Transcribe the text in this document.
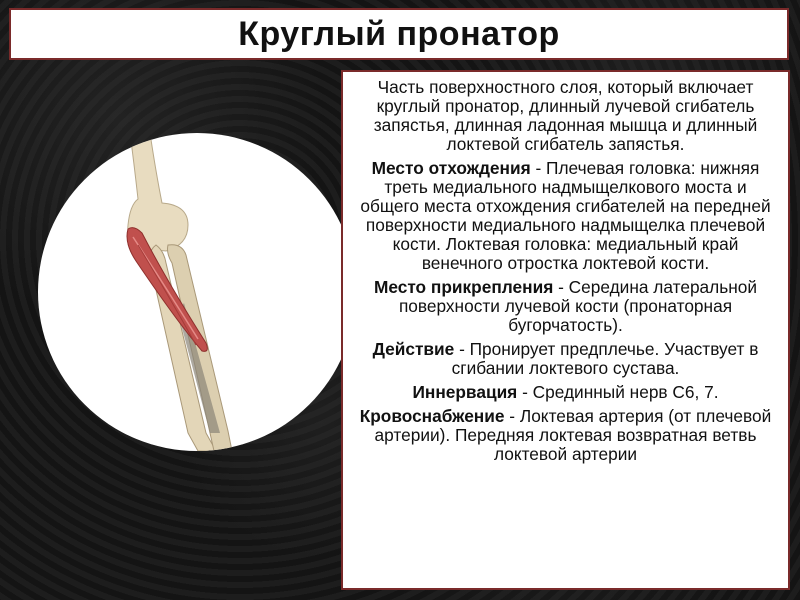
Круглый пронатор

Часть поверхностного слоя, который включает круглый пронатор, длинный лучевой сгибатель запястья, длинная ладонная мышца и длинный локтевой сгибатель запястья.

Место отхождения - Плечевая головка: нижняя треть медиального надмыщелкового моста и общего места отхождения сгибателей на передней поверхности медиального надмыщелка плечевой кости. Локтевая головка: медиальный край венечного отростка локтевой кости.

Место прикрепления - Середина латеральной поверхности лучевой кости (пронаторная бугорчатость).

Действие - Пронирует предплечье. Участвует в сгибании локтевого сустава.

Иннервация - Срединный нерв С6, 7.

Кровоснабжение - Локтевая артерия (от плечевой артерии). Передняя локтевая возвратная ветвь локтевой артерии
